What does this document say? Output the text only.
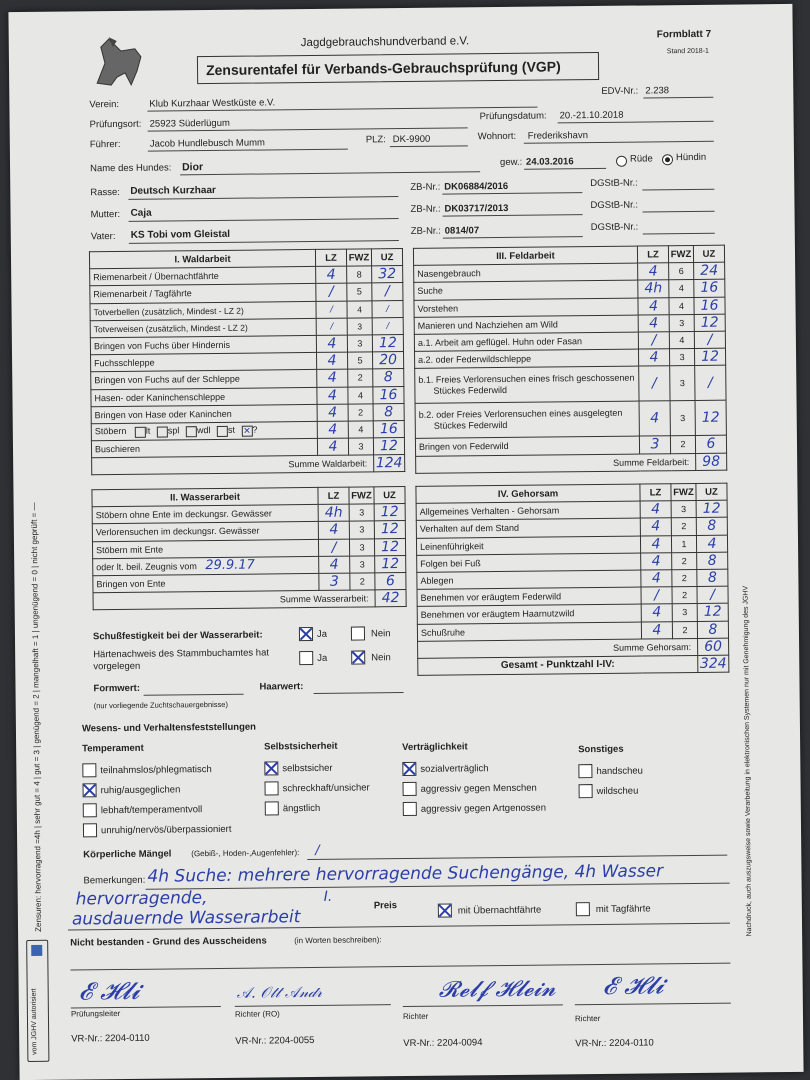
Jagdgebrauchshundverband e.V.
Formblatt 7
Stand 2018-1
Zensurentafel für Verbands-Gebrauchsprüfung (VGP)
Verein:	Klub Kurzhaar Westküste e.V.
EDV-Nr.: 2.238
Prüfungsort: 25923 Süderlügum
Prüfungsdatum: 20.-21.10.2018
Führer:	Jacob Hundlebusch Mumm	PLZ: DK-9900	Wohnort: Frederikshavn
Name des Hundes: Dior	gew.: 24.03.2016	Rüde Hündin
Rasse: Deutsch Kurzhaar	ZB-Nr.: DK06884/2016	DGStB-Nr.:
Mutter: Caja	ZB-Nr.: DK03717/2013	DGStB-Nr.:
Vater: KS Tobi vom Gleistal	ZB-Nr.: 0814/07	DGStB-Nr.:
I. Waldarbeit	LZ	FWZ	UZ
Riemenarbeit / Übernachtfährte	4	8	32
Riemenarbeit / Tagfährte	/	5	/
Totverbellen (zusätzlich, Mindest - LZ 2)	/	4	/
Totverweisen (zusätzlich, Mindest - LZ 2)	/	3	/
Bringen von Fuchs über Hindernis	4	3	12
Fuchsschleppe	4	5	20
Bringen von Fuchs auf der Schleppe	4	2	8
Hasen- oder Kaninchenschleppe	4	4	16
Bringen von Hase oder Kaninchen	4	2	8
Stöbern lt spl wdl st ✕ ?	4	4	16
Buschieren	4	3	12
Summe Waldarbeit:			124
III. Feldarbeit	LZ	FWZ	UZ
Nasengebrauch	4	6	24
Suche	4h	4	16
Vorstehen	4	4	16
Manieren und Nachziehen am Wild	4	3	12
a.1. Arbeit am geflügel. Huhn oder Fasan	/	4	/
a.2. oder Federwildschleppe	4	3	12
b.1. Freies Verlorensuchen eines frisch geschossenen Stückes Federwild	/	3	/
b.2. oder Freies Verlorensuchen eines ausgelegten Stückes Federwild	4	3	12
Bringen von Federwild	3	2	6
Summe Feldarbeit:			98
II. Wasserarbeit	LZ	FWZ	UZ
Stöbern ohne Ente im deckungsr. Gewässer	4h	3	12
Verlorensuchen im deckungsr. Gewässer	4	3	12
Stöbern mit Ente	/	3	12
oder lt. beil. Zeugnis vom 29.9.17	4	3	12
Bringen von Ente	3	2	6
Summe Wasserarbeit:			42
IV. Gehorsam	LZ	FWZ	UZ
Allgemeines Verhalten - Gehorsam	4	3	12
Verhalten auf dem Stand	4	2	8
Leinenführigkeit	4	1	4
Folgen bei Fuß	4	2	8
Ablegen	4	2	8
Benehmen vor eräugtem Federwild	/	2	/
Benehmen vor eräugtem Haarnutzwild	4	3	12
Schußruhe	4	2	8
Summe Gehorsam:			60
Gesamt - Punktzahl I-IV:			324
Schußfestigkeit bei der Wasserarbeit:	Ja	Nein
Härtenachweis des Stammbuchamtes hat vorgelegen
Ja	Nein
Formwert:	Haarwert:
(nur vorliegende Zuchtschauergebnisse)
Wesens- und Verhaltensfeststellungen
Temperament
teilnahmslos/phlegmatisch
ruhig/ausgeglichen
lebhaft/temperamentvoll
unruhig/nervös/überpassioniert
Selbstsicherheit
selbstsicher
schreckhaft/unsicher
ängstlich
Verträglichkeit
sozialverträglich
aggressiv gegen Menschen
aggressiv gegen Artgenossen
Sonstiges
handscheu
wildscheu
Körperliche Mängel (Gebiß-, Hoden-,Augenfehler): /
Bemerkungen: 4h Suche: mehrere hervorragende Suchengänge, 4h Wasser
hervorragende,	I.
Preis
ausdauernde Wasserarbeit	mit Übernachtfährte	mit Tagfährte
Nicht bestanden - Grund des Ausscheidens	(in Worten beschreiben):
𝓔 𝓗𝓵𝓲	𝒜. 𝒪𝓉𝓉 𝒜𝓃𝒹𝓇	𝓡𝓮𝓵𝓯 𝓗𝓵𝓮𝓲𝓷 𝓔 𝓗𝓵𝓲
Prüfungsleiter	Richter (RO)	Richter	Richter
VR-Nr.: 2204-0110	VR-Nr.: 2204-0055	VR-Nr.: 2204-0094	VR-Nr.: 2204-0110
Zensuren: hervorragend =4h | sehr gut = 4 | gut = 3 | genügend = 2 | mangelhaft = 1 | ungenügend = 0 | nicht geprüft = —	Nachdruck, auch auszugsweise sowie Verarbeitung in elektronischen Systemen nur mit Genehmigung des JGHV
vom JGHV autorisiert
